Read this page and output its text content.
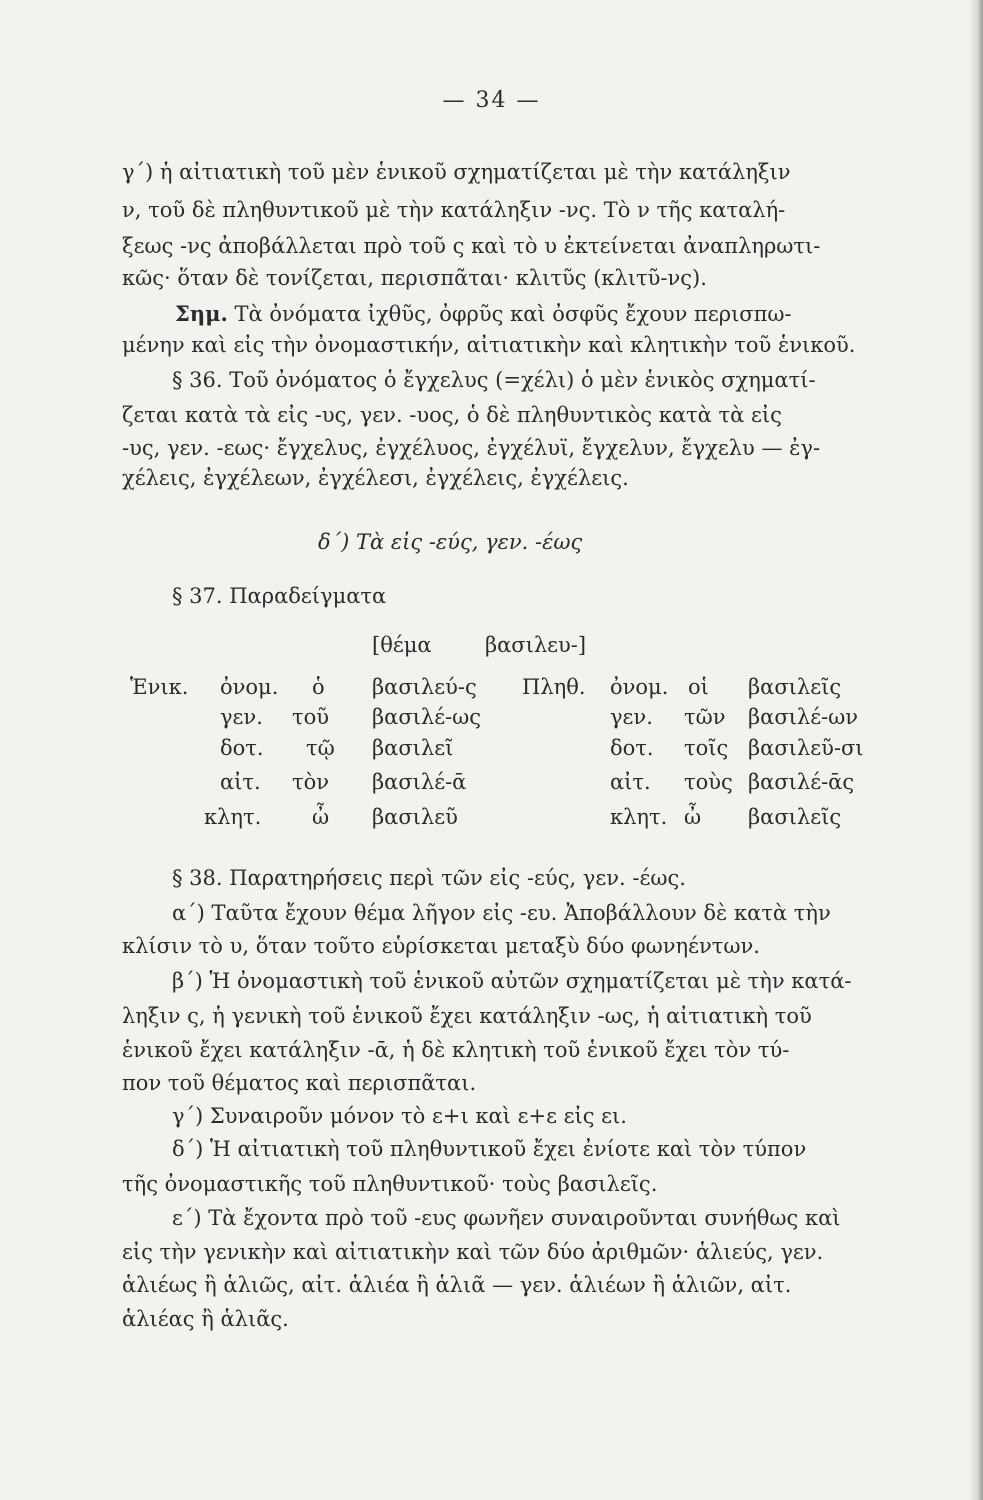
— 34 —
γ΄) ἡ αἰτιατικὴ τοῦ μὲν ἑνικοῦ σχηματίζεται μὲ τὴν κατάληξιν
ν, τοῦ δὲ πληθυντικοῦ μὲ τὴν κατάληξιν -νς. Τὸ ν τῆς καταλή-
ξεως -νς ἀποβάλλεται πρὸ τοῦ ς καὶ τὸ υ ἐκτείνεται ἀναπληρωτι-
κῶς· ὅταν δὲ τονίζεται, περισπᾶται· κλιτῦς (κλιτῦ-νς).
Σημ. Τὰ ὀνόματα ἰχθῦς, ὀφρῦς καὶ ὀσφῦς ἔχουν περισπω-
μένην καὶ εἰς τὴν ὀνομαστικήν, αἰτιατικὴν καὶ κλητικὴν τοῦ ἑνικοῦ.
§ 36. Τοῦ ὀνόματος ὁ ἔγχελυς (=χέλι) ὁ μὲν ἑνικὸς σχηματί-
ζεται κατὰ τὰ εἰς -υς, γεν. -υος, ὁ δὲ πληθυντικὸς κατὰ τὰ εἰς
-υς, γεν. -εως· ἔγχελυς, ἐγχέλυος, ἐγχέλυϊ, ἔγχελυν, ἔγχελυ — ἐγ-
χέλεις, ἐγχέλεων, ἐγχέλεσι, ἐγχέλεις, ἐγχέλεις.
δ΄) Τὰ εἰς -εύς, γεν. -έως
§ 37. Παραδείγματα
[θέμα        βασιλευ-]
Ἑνικ.	Πληθ.
ὀνομ. ὁ βασιλεύ-ς
γεν. τοῦ βασιλέ-ως
δοτ. τῷ βασιλεῖ
αἰτ. τὸν βασιλέ-ᾱ
κλητ. ὦ βασιλεῦ
ὀνομ. οἱ βασιλεῖς
γεν. τῶν βασιλέ-ων
δοτ. τοῖς βασιλεῦ-σι
αἰτ. τοὺς βασιλέ-ᾱς
κλητ. ὦ βασιλεῖς
§ 38. Παρατηρήσεις περὶ τῶν εἰς -εύς, γεν. -έως.
α΄) Ταῦτα ἔχουν θέμα λῆγον εἰς -ευ. Ἀποβάλλουν δὲ κατὰ τὴν
κλίσιν τὸ υ, ὅταν τοῦτο εὑρίσκεται μεταξὺ δύο φωνηέντων.
β΄) Ἡ ὀνομαστικὴ τοῦ ἑνικοῦ αὐτῶν σχηματίζεται μὲ τὴν κατά-
ληξιν ς, ἡ γενικὴ τοῦ ἑνικοῦ ἔχει κατάληξιν -ως, ἡ αἰτιατικὴ τοῦ
ἑνικοῦ ἔχει κατάληξιν -ᾱ, ἡ δὲ κλητικὴ τοῦ ἑνικοῦ ἔχει τὸν τύ-
πον τοῦ θέματος καὶ περισπᾶται.
γ΄) Συναιροῦν μόνον τὸ ε+ι καὶ ε+ε εἰς ει.
δ΄) Ἡ αἰτιατικὴ τοῦ πληθυντικοῦ ἔχει ἐνίοτε καὶ τὸν τύπον
τῆς ὀνομαστικῆς τοῦ πληθυντικοῦ· τοὺς βασιλεῖς.
ε΄) Τὰ ἔχοντα πρὸ τοῦ -ευς φωνῆεν συναιροῦνται συνήθως καὶ
εἰς τὴν γενικὴν καὶ αἰτιατικὴν καὶ τῶν δύο ἀριθμῶν· ἁλιεύς, γεν.
ἁλιέως ἢ ἁλιῶς, αἰτ. ἁλιέα ἢ ἁλιᾶ — γεν. ἁλιέων ἢ ἁλιῶν, αἰτ.
ἁλιέας ἢ ἁλιᾶς.
